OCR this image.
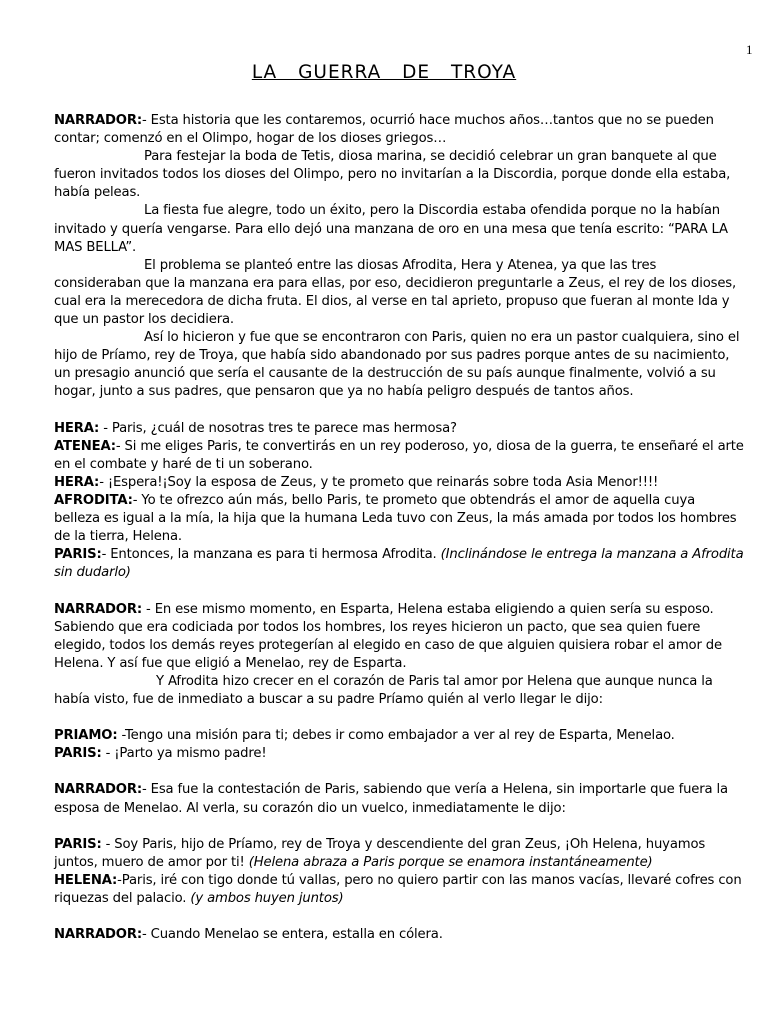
1
LA GUERRA DE TROYA

NARRADOR:- Esta historia que les contaremos, ocurrió hace muchos años…tantos que no se pueden contar; comenzó en el Olimpo, hogar de los dioses griegos…

Para festejar la boda de Tetis, diosa marina, se decidió celebrar un gran banquete al que fueron invitados todos los dioses del Olimpo, pero no invitarían a la Discordia, porque donde ella estaba, había peleas.

La fiesta fue alegre, todo un éxito, pero la Discordia estaba ofendida porque no la habían invitado y quería vengarse. Para ello dejó una manzana de oro en una mesa que tenía escrito: “PARA LA MAS BELLA”.

El problema se planteó entre las diosas Afrodita, Hera y Atenea, ya que las tres consideraban que la manzana era para ellas, por eso, decidieron preguntarle a Zeus, el rey de los dioses, cual era la merecedora de dicha fruta. El dios, al verse en tal aprieto, propuso que fueran al monte Ida y que un pastor los decidiera.

Así lo hicieron y fue que se encontraron con Paris, quien no era un pastor cualquiera, sino el hijo de Príamo, rey de Troya, que había sido abandonado por sus padres porque antes de su nacimiento, un presagio anunció que sería el causante de la destrucción de su país aunque finalmente, volvió a su hogar, junto a sus padres, que pensaron que ya no había peligro después de tantos años.

HERA: - Paris, ¿cuál de nosotras tres te parece mas hermosa?

ATENEA:- Si me eliges Paris, te convertirás en un rey poderoso, yo, diosa de la guerra, te enseñaré el arte en el combate y haré de ti un soberano.

HERA:- ¡Espera!¡Soy la esposa de Zeus, y te prometo que reinarás sobre toda Asia Menor!!!!

AFRODITA:- Yo te ofrezco aún más, bello Paris, te prometo que obtendrás el amor de aquella cuya belleza es igual a la mía, la hija que la humana Leda tuvo con Zeus, la más amada por todos los hombres de la tierra, Helena.

PARIS:- Entonces, la manzana es para ti hermosa Afrodita. (Inclinándose le entrega la manzana a Afrodita sin dudarlo)

NARRADOR: - En ese mismo momento, en Esparta, Helena estaba eligiendo a quien sería su esposo. Sabiendo que era codiciada por todos los hombres, los reyes hicieron un pacto, que sea quien fuere elegido, todos los demás reyes protegerían al elegido en caso de que alguien quisiera robar el amor de Helena. Y así fue que eligió a Menelao, rey de Esparta.

Y Afrodita hizo crecer en el corazón de Paris tal amor por Helena que aunque nunca la había visto, fue de inmediato a buscar a su padre Príamo quién al verlo llegar le dijo:

PRIAMO: -Tengo una misión para ti; debes ir como embajador a ver al rey de Esparta, Menelao.

PARIS: - ¡Parto ya mismo padre!

NARRADOR:- Esa fue la contestación de Paris, sabiendo que vería a Helena, sin importarle que fuera la esposa de Menelao. Al verla, su corazón dio un vuelco, inmediatamente le dijo:

PARIS: - Soy Paris, hijo de Príamo, rey de Troya y descendiente del gran Zeus, ¡Oh Helena, huyamos juntos, muero de amor por ti! (Helena abraza a Paris porque se enamora instantáneamente)

HELENA:-Paris, iré con tigo donde tú vallas, pero no quiero partir con las manos vacías, llevaré cofres con riquezas del palacio. (y ambos huyen juntos)

NARRADOR:- Cuando Menelao se entera, estalla en cólera.
